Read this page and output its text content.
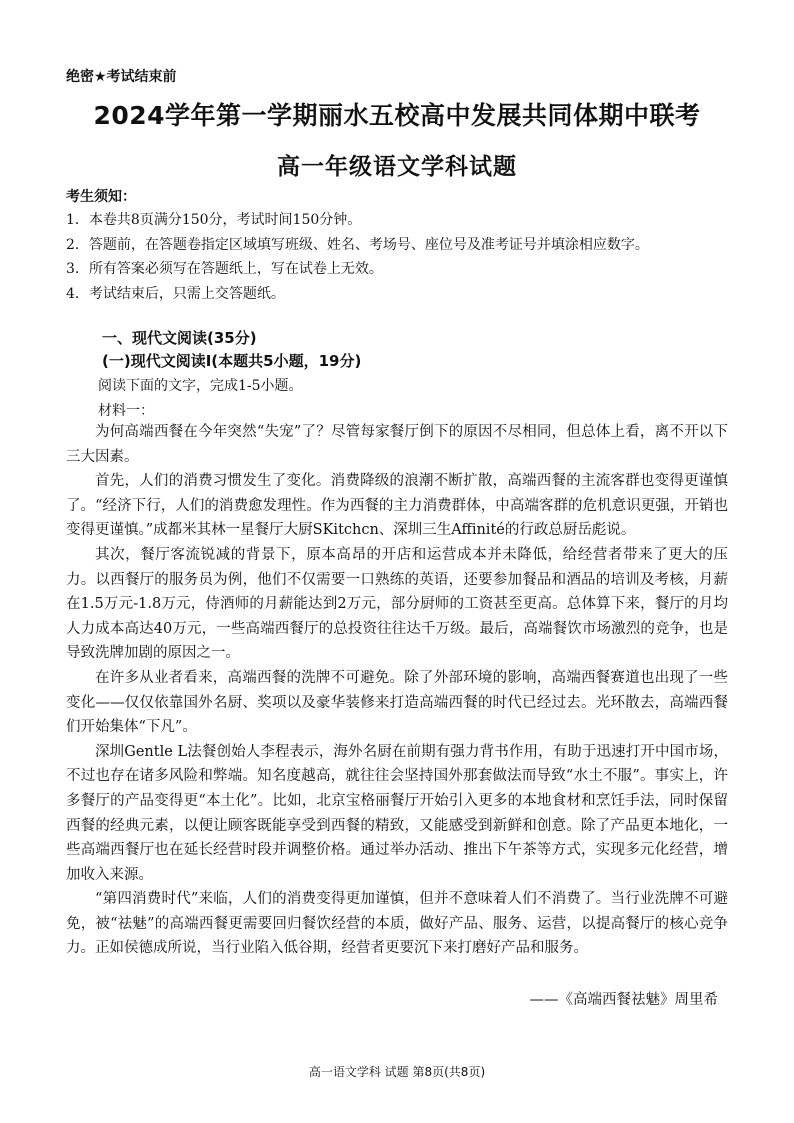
绝密★考试结束前
2024学年第一学期丽水五校高中发展共同体期中联考
高一年级语文学科试题
考生须知：
1．本卷共8页满分150分，考试时间150分钟。
2．答题前，在答题卷指定区域填写班级、姓名、考场号、座位号及准考证号并填涂相应数字。
3．所有答案必须写在答题纸上，写在试卷上无效。
4．考试结束后，只需上交答题纸。
一、现代文阅读(35分)
(一)现代文阅读Ⅰ(本题共5小题，19分)
阅读下面的文字，完成1-5小题。
材料一：

为何高端西餐在今年突然“失宠”了？尽管每家餐厅倒下的原因不尽相同，但总体上看，离不开以下三大因素。

首先，人们的消费习惯发生了变化。消费降级的浪潮不断扩散，高端西餐的主流客群也变得更谨慎了。“经济下行，人们的消费愈发理性。作为西餐的主力消费群体，中高端客群的危机意识更强，开销也变得更谨慎。”成都米其林一星餐厅大厨SKitchcn、深圳三生Affinité的行政总厨岳彪说。

其次，餐厅客流锐减的背景下，原本高昂的开店和运营成本并未降低，给经营者带来了更大的压力。以西餐厅的服务员为例，他们不仅需要一口熟练的英语，还要参加餐品和酒品的培训及考核，月薪在1.5万元-1.8万元，侍酒师的月薪能达到2万元，部分厨师的工资甚至更高。总体算下来，餐厅的月均人力成本高达40万元，一些高端西餐厅的总投资往往达千万级。最后，高端餐饮市场激烈的竞争，也是导致洗牌加剧的原因之一。

在许多从业者看来，高端西餐的洗牌不可避免。除了外部环境的影响，高端西餐赛道也出现了一些变化——仅仅依靠国外名厨、奖项以及豪华装修来打造高端西餐的时代已经过去。光环散去，高端西餐们开始集体“下凡”。

深圳Gentle L法餐创始人李程表示，海外名厨在前期有强力背书作用，有助于迅速打开中国市场，不过也存在诸多风险和弊端。知名度越高，就往往会坚持国外那套做法而导致“水土不服”。事实上，许多餐厅的产品变得更“本土化”。比如，北京宝格丽餐厅开始引入更多的本地食材和烹饪手法，同时保留西餐的经典元素，以便让顾客既能享受到西餐的精致，又能感受到新鲜和创意。除了产品更本地化，一些高端西餐厅也在延长经营时段并调整价格。通过举办活动、推出下午茶等方式，实现多元化经营，增加收入来源。

“第四消费时代”来临，人们的消费变得更加谨慎，但并不意味着人们不消费了。当行业洗牌不可避免，被“祛魅”的高端西餐更需要回归餐饮经营的本质，做好产品、服务、运营，以提高餐厅的核心竞争力。正如侯德成所说，当行业陷入低谷期，经营者更要沉下来打磨好产品和服务。

——《高端西餐祛魅》周里希
高一语文学科 试题 第8页(共8页)
